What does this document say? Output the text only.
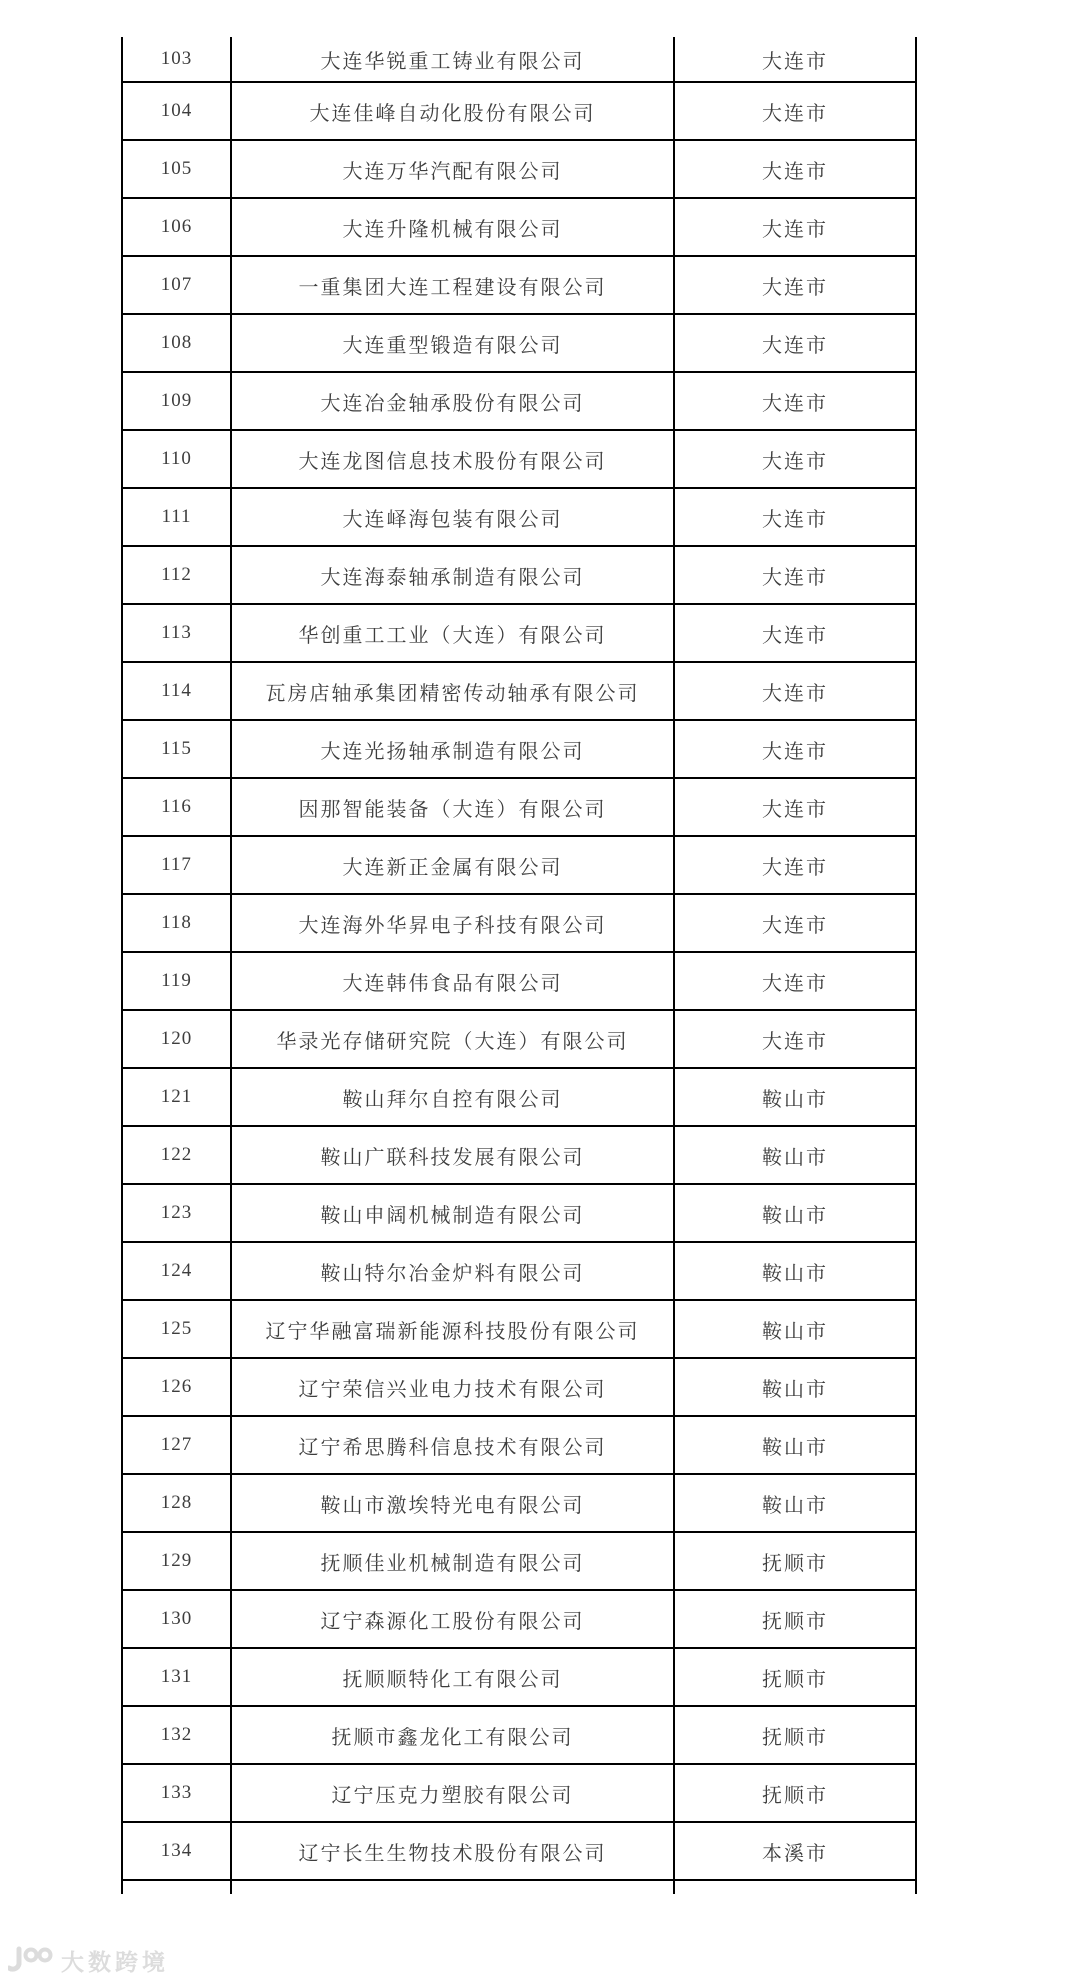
103	大连华锐重工铸业有限公司	大连市
104	大连佳峰自动化股份有限公司	大连市
105	大连万华汽配有限公司	大连市
106	大连升隆机械有限公司	大连市
107	一重集团大连工程建设有限公司	大连市
108	大连重型锻造有限公司	大连市
109	大连冶金轴承股份有限公司	大连市
110	大连龙图信息技术股份有限公司	大连市
111	大连峄海包装有限公司	大连市
112	大连海泰轴承制造有限公司	大连市
113	华创重工工业（大连）有限公司	大连市
114	瓦房店轴承集团精密传动轴承有限公司	大连市
115	大连光扬轴承制造有限公司	大连市
116	因那智能装备（大连）有限公司	大连市
117	大连新正金属有限公司	大连市
118	大连海外华昇电子科技有限公司	大连市
119	大连韩伟食品有限公司	大连市
120	华录光存储研究院（大连）有限公司	大连市
121	鞍山拜尔自控有限公司	鞍山市
122	鞍山广联科技发展有限公司	鞍山市
123	鞍山申阔机械制造有限公司	鞍山市
124	鞍山特尔冶金炉料有限公司	鞍山市
125	辽宁华融富瑞新能源科技股份有限公司	鞍山市
126	辽宁荣信兴业电力技术有限公司	鞍山市
127	辽宁希思腾科信息技术有限公司	鞍山市
128	鞍山市激埃特光电有限公司	鞍山市
129	抚顺佳业机械制造有限公司	抚顺市
130	辽宁森源化工股份有限公司	抚顺市
131	抚顺顺特化工有限公司	抚顺市
132	抚顺市鑫龙化工有限公司	抚顺市
133	辽宁压克力塑胶有限公司	抚顺市
134	辽宁长生生物技术股份有限公司	本溪市

大数跨境
